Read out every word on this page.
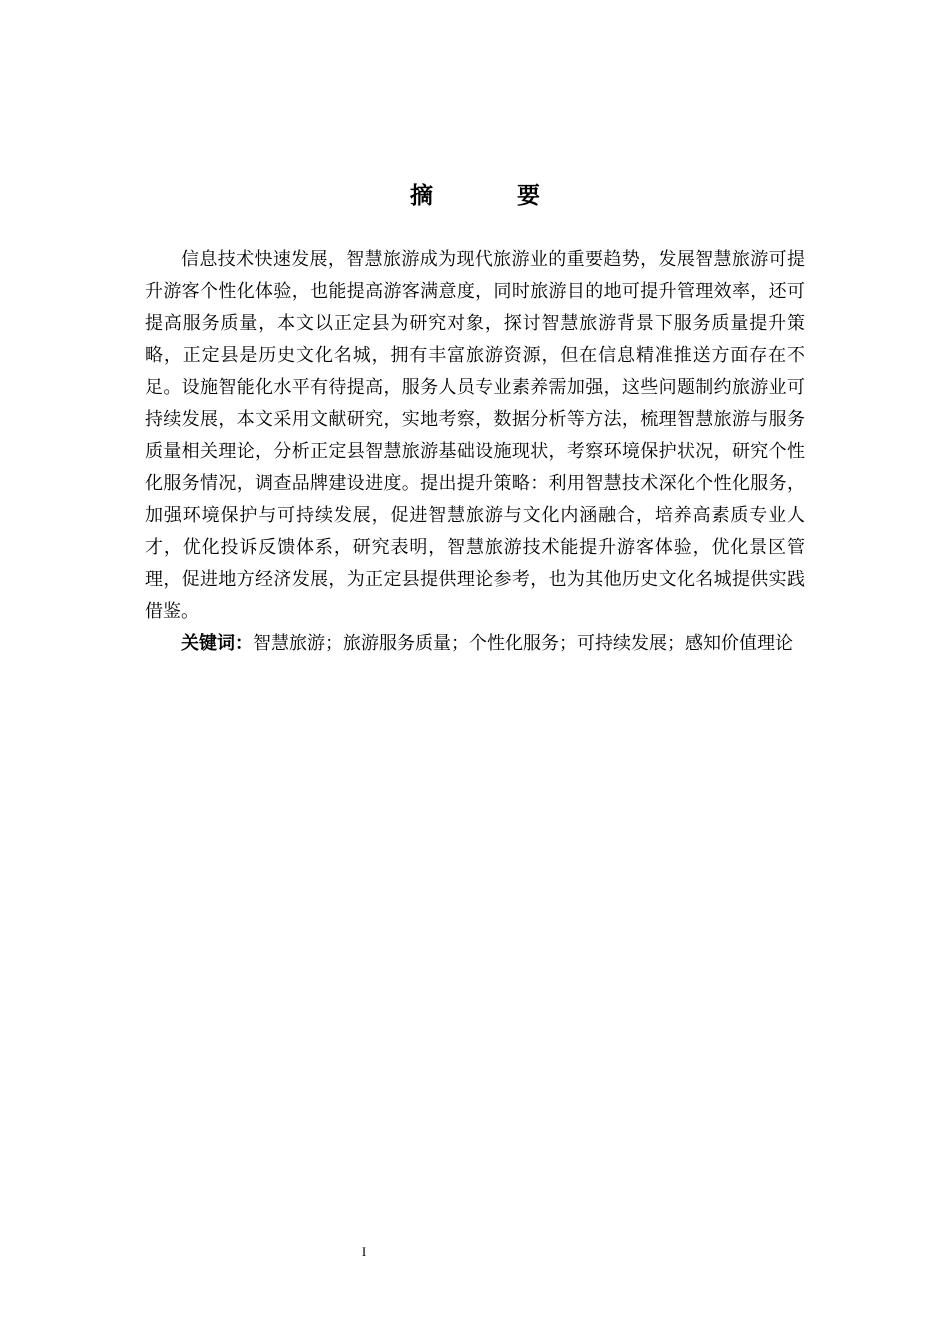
摘 要

信息技术快速发展，智慧旅游成为现代旅游业的重要趋势，发展智慧旅游可提升游客个性化体验，也能提高游客满意度，同时旅游目的地可提升管理效率，还可提高服务质量，本文以正定县为研究对象，探讨智慧旅游背景下服务质量提升策略，正定县是历史文化名城，拥有丰富旅游资源，但在信息精准推送方面存在不足。设施智能化水平有待提高，服务人员专业素养需加强，这些问题制约旅游业可持续发展，本文采用文献研究，实地考察，数据分析等方法，梳理智慧旅游与服务质量相关理论，分析正定县智慧旅游基础设施现状，考察环境保护状况，研究个性化服务情况，调查品牌建设进度。提出提升策略：利用智慧技术深化个性化服务，加强环境保护与可持续发展，促进智慧旅游与文化内涵融合，培养高素质专业人才，优化投诉反馈体系，研究表明，智慧旅游技术能提升游客体验，优化景区管理，促进地方经济发展，为正定县提供理论参考，也为其他历史文化名城提供实践借鉴。

关键词：智慧旅游；旅游服务质量；个性化服务；可持续发展；感知价值理论

I
